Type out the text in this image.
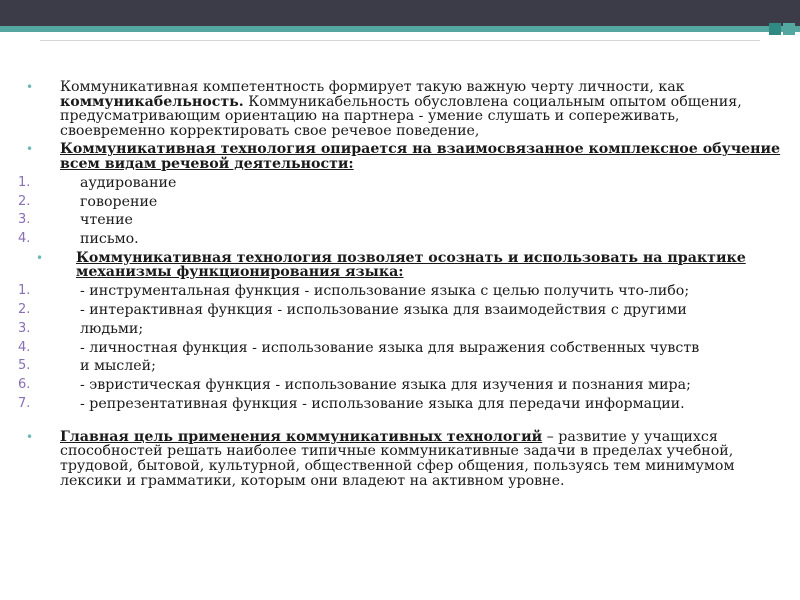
• Коммуникативная компетентность формирует такую важную черту личности, как коммуникабельность. Коммуникабельность обусловлена социальным опытом общения, предусматривающим ориентацию на партнера - умение слушать и сопереживать, своевременно корректировать свое речевое поведение,

• Коммуникативная технология опирается на взаимосвязанное комплексное обучение всем видам речевой деятельности:

1.	аудирование

2.	говорение

3.	чтение

4.	письмо.

• Коммуникативная технология позволяет осознать и использовать на практике механизмы функционирования языка:

1.	- инструментальная функция - использование языка с целью получить что-либо;

2.	- интерактивная функция - использование языка для взаимодействия с другими

3.	людьми;

4.	- личностная функция - использование языка для выражения собственных чувств

5.	и мыслей;

6.	- эвристическая функция - использование языка для изучения и познания мира;

7.	- репрезентативная функция - использование языка для передачи информации.

• Главная цель применения коммуникативных технологий – развитие у учащихся способностей решать наиболее типичные коммуникативные задачи в пределах учебной, трудовой, бытовой, культурной, общественной сфер общения, пользуясь тем минимумом лексики и грамматики, которым они владеют на активном уровне.
